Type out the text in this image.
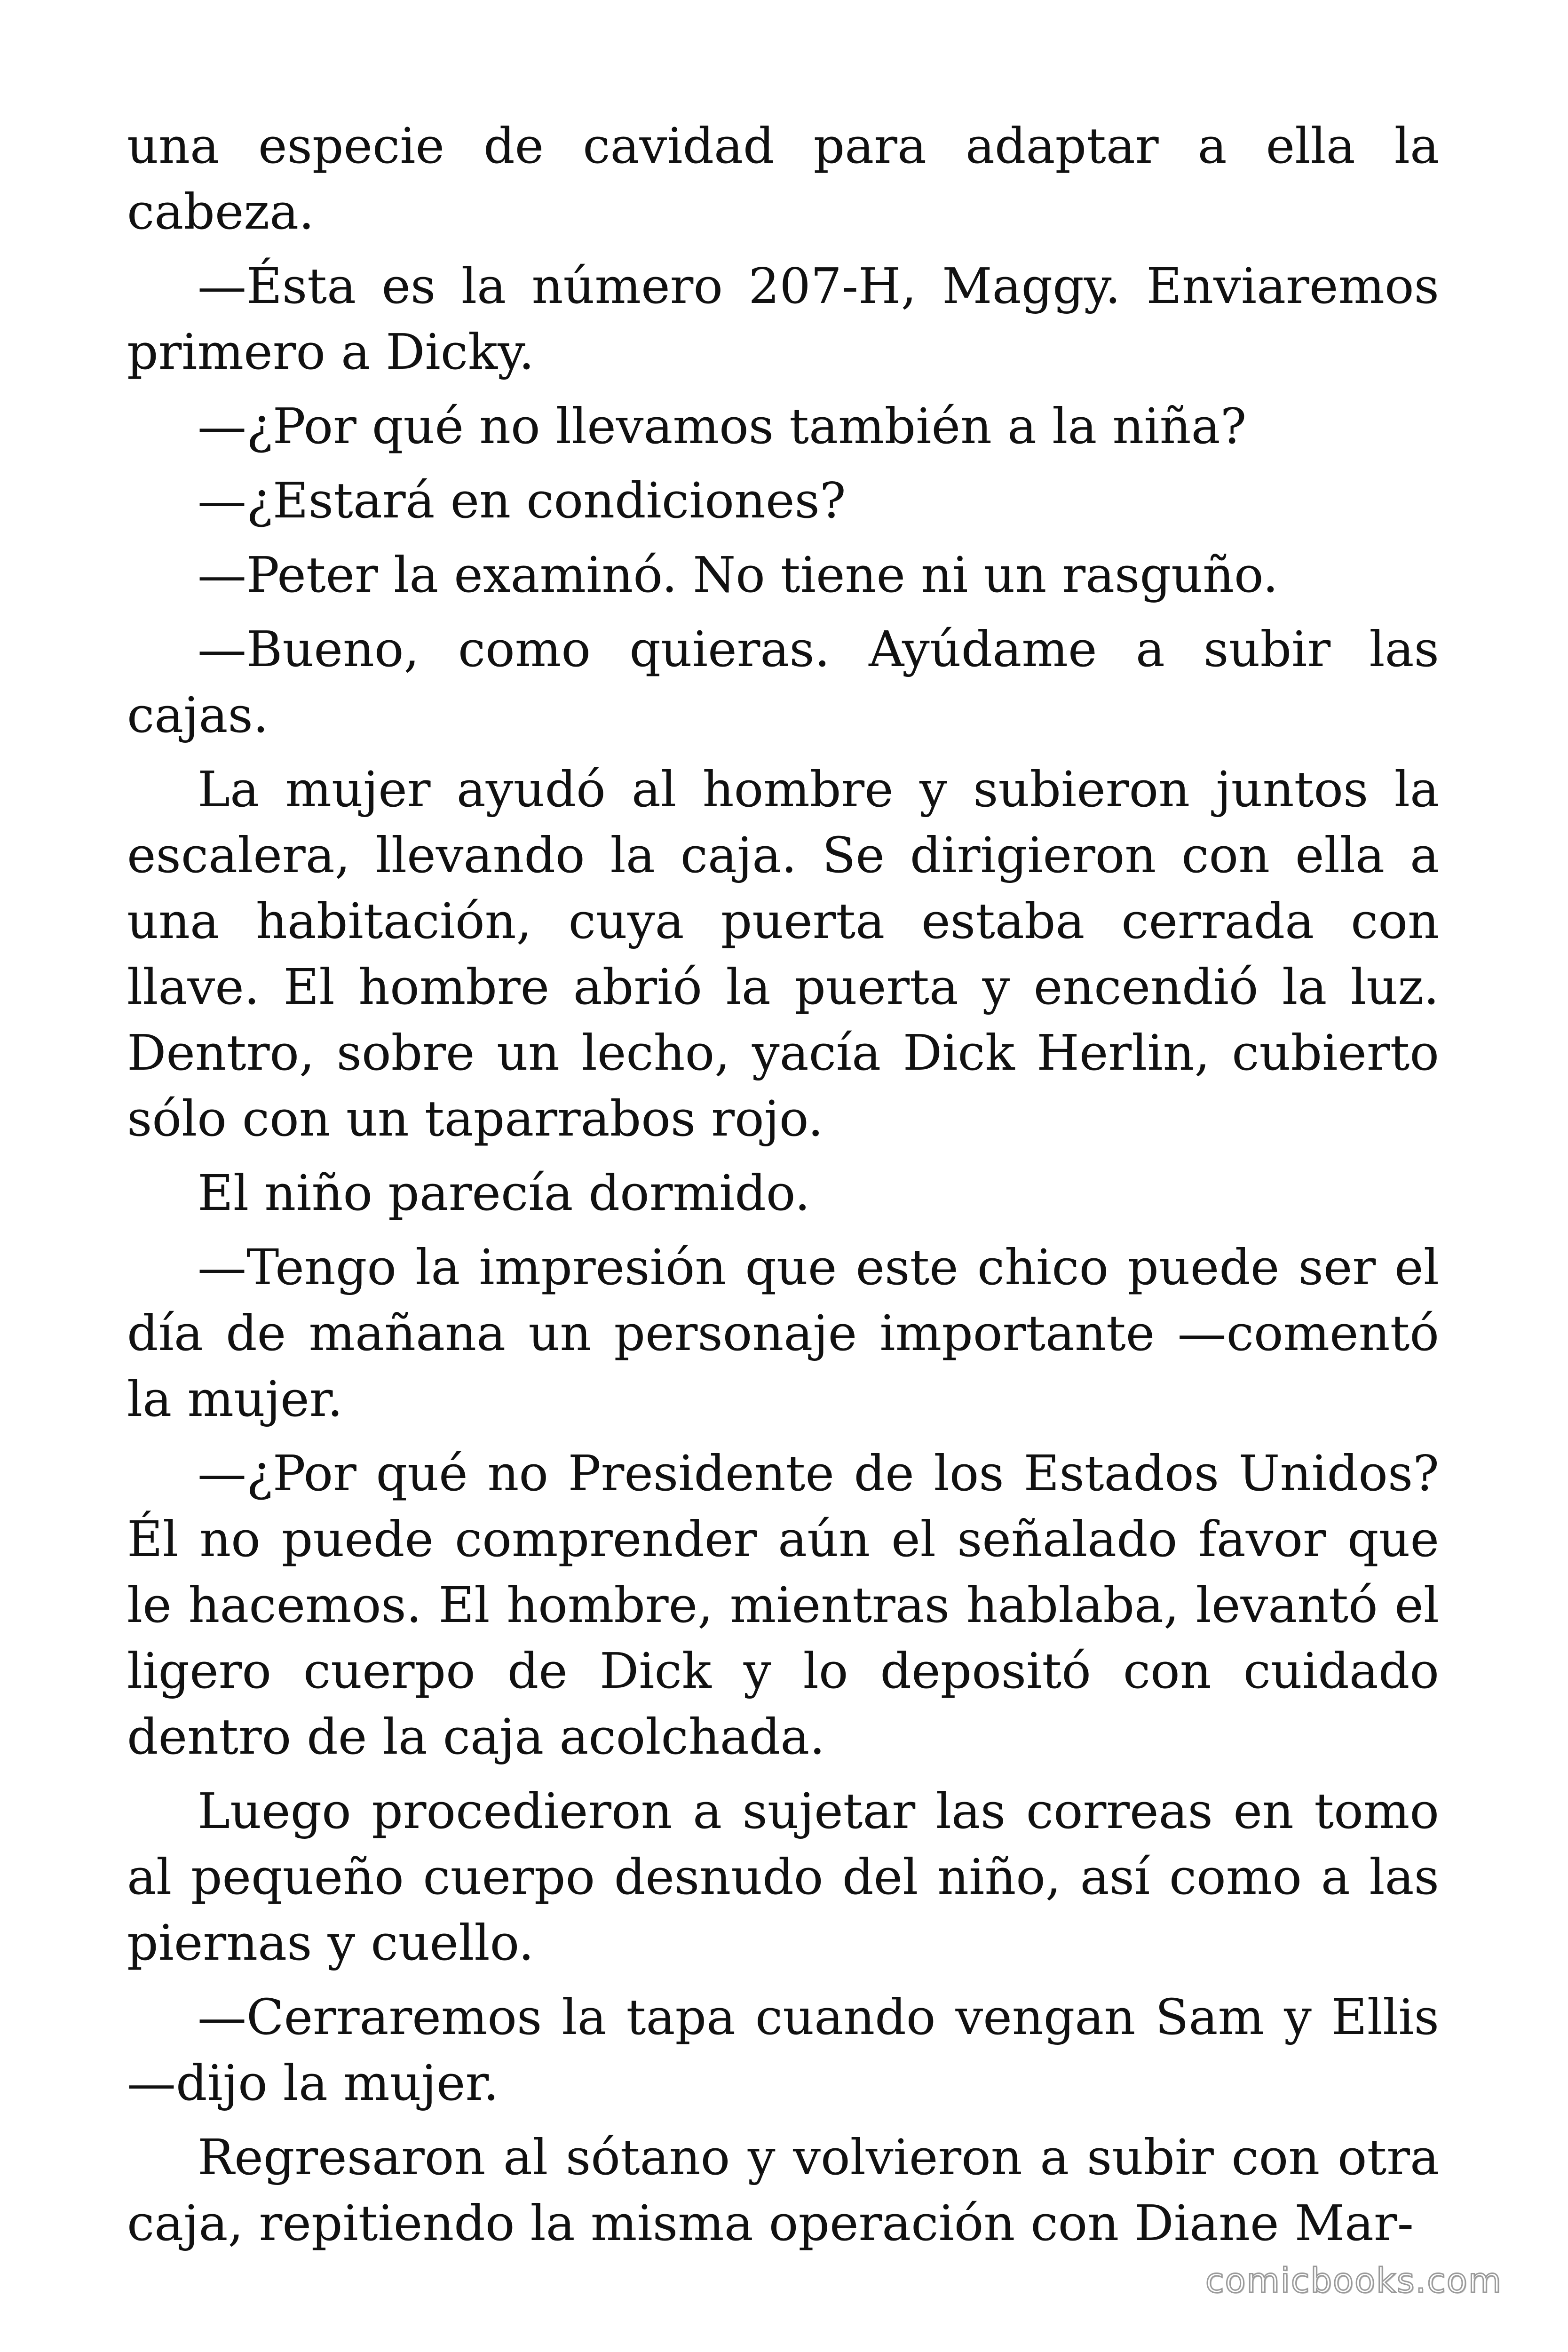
una especie de cavidad para adaptar a ella la cabeza.

—Ésta es la número 207-H, Maggy. Enviaremos primero a Dicky.

—¿Por qué no llevamos también a la niña?

—¿Estará en condiciones?

—Peter la examinó. No tiene ni un rasguño.

—Bueno, como quieras. Ayúdame a subir las cajas.

La mujer ayudó al hombre y subieron juntos la escalera, llevando la caja. Se dirigieron con ella a una habitación, cuya puerta estaba cerrada con llave. El hombre abrió la puerta y encendió la luz. Dentro, sobre un lecho, yacía Dick Herlin, cubierto sólo con un taparrabos rojo.

El niño parecía dormido.

—Tengo la impresión que este chico puede ser el día de mañana un personaje importante —comentó la mujer.

—¿Por qué no Presidente de los Estados Unidos? Él no puede comprender aún el señalado favor que le hacemos. El hombre, mientras hablaba, levantó el ligero cuerpo de Dick y lo depositó con cuidado dentro de la caja acolchada.

Luego procedieron a sujetar las correas en tomo al pequeño cuerpo desnudo del niño, así como a las piernas y cuello.

—Cerraremos la tapa cuando vengan Sam y Ellis —dijo la mujer.

Regresaron al sótano y volvieron a subir con otra caja, repitiendo la misma operación con Diane Mar-

comicbooks.com
